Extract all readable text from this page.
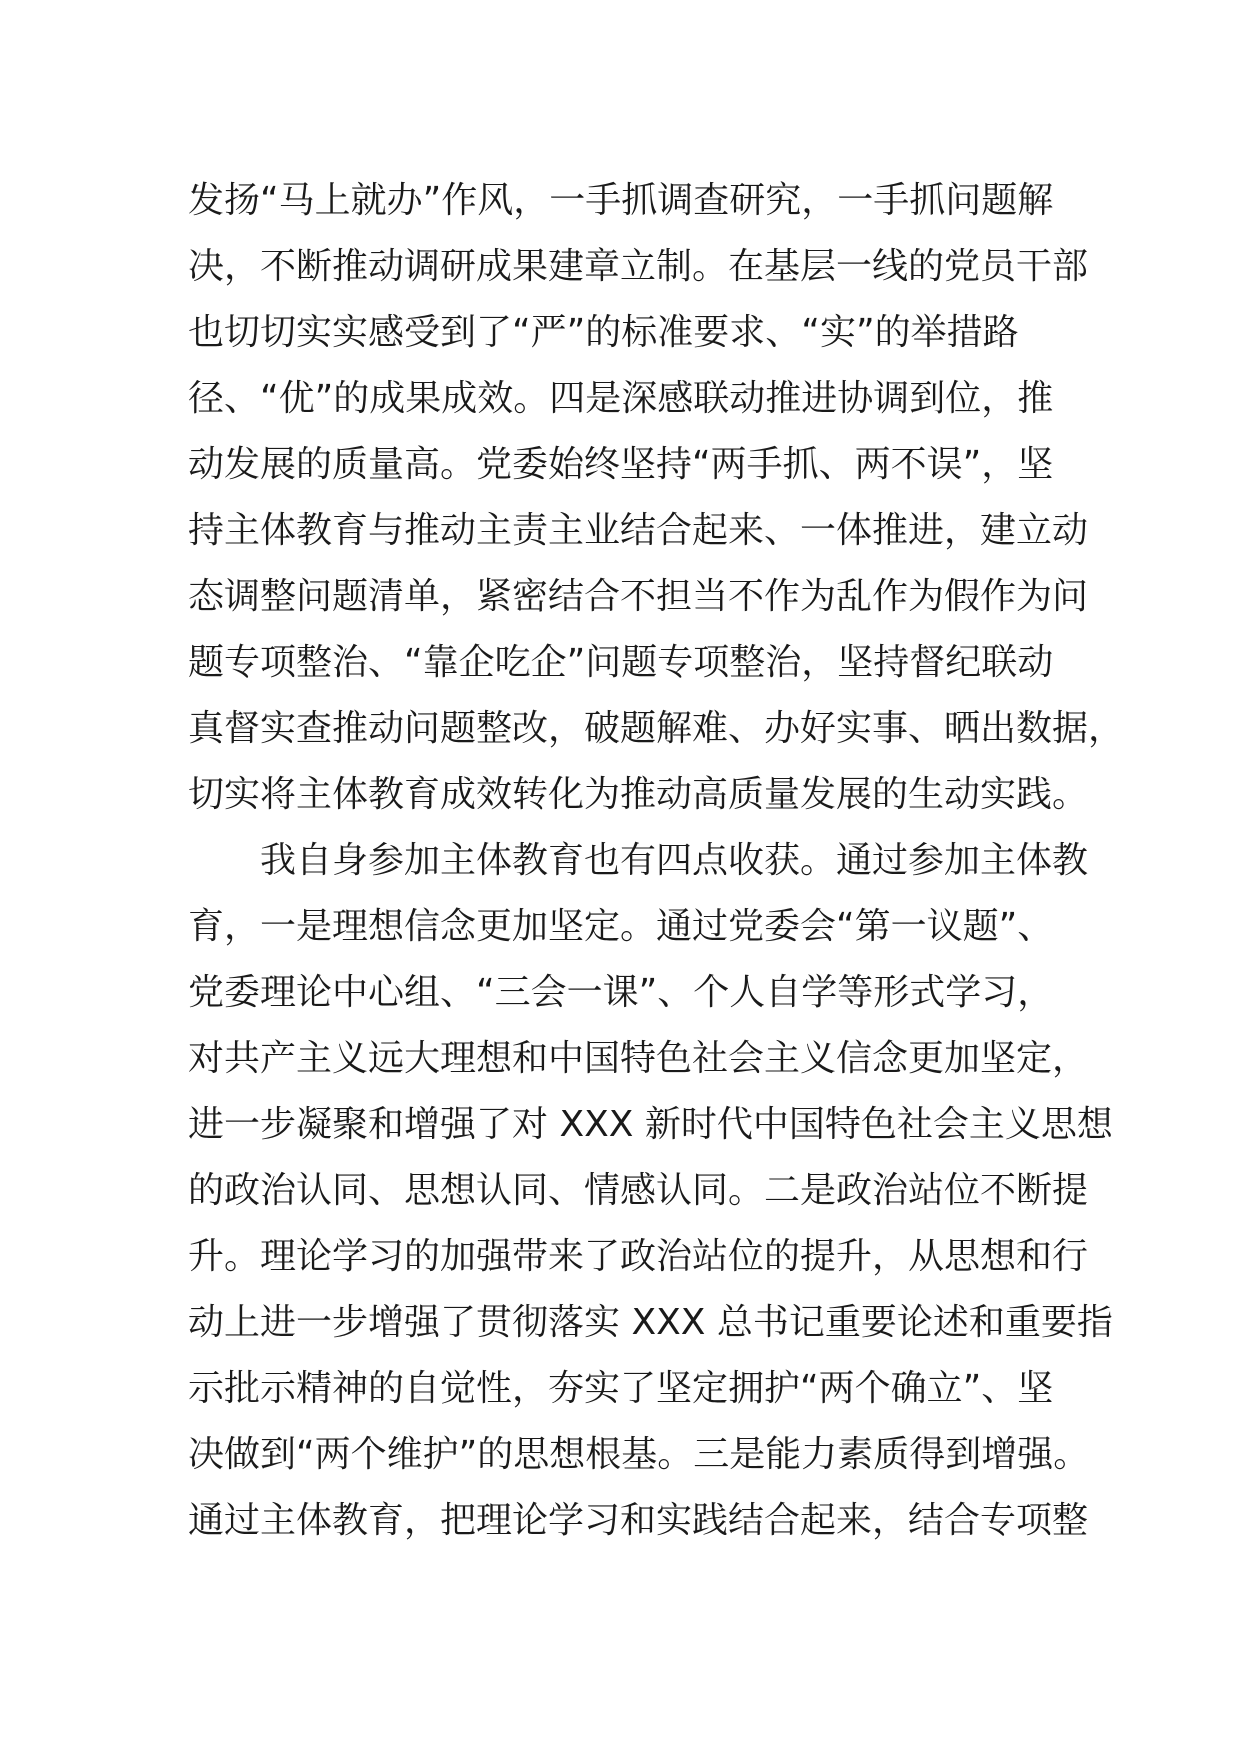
发扬“马上就办”作风，一手抓调查研究，一手抓问题解
决，不断推动调研成果建章立制。在基层一线的党员干部
也切切实实感受到了“严”的标准要求、“实”的举措路
径、“优”的成果成效。四是深感联动推进协调到位，推
动发展的质量高。党委始终坚持“两手抓、两不误”，坚
持主体教育与推动主责主业结合起来、一体推进，建立动
态调整问题清单，紧密结合不担当不作为乱作为假作为问
题专项整治、“靠企吃企”问题专项整治，坚持督纪联动
真督实查推动问题整改，破题解难、办好实事、晒出数据，
切实将主体教育成效转化为推动高质量发展的生动实践。
　　我自身参加主体教育也有四点收获。通过参加主体教
育，一是理想信念更加坚定。通过党委会“第一议题”、
党委理论中心组、“三会一课”、个人自学等形式学习，
对共产主义远大理想和中国特色社会主义信念更加坚定，
进一步凝聚和增强了对 XXX 新时代中国特色社会主义思想
的政治认同、思想认同、情感认同。二是政治站位不断提
升。理论学习的加强带来了政治站位的提升，从思想和行
动上进一步增强了贯彻落实 XXX 总书记重要论述和重要指
示批示精神的自觉性，夯实了坚定拥护“两个确立”、坚
决做到“两个维护”的思想根基。三是能力素质得到增强。
通过主体教育，把理论学习和实践结合起来，结合专项整
